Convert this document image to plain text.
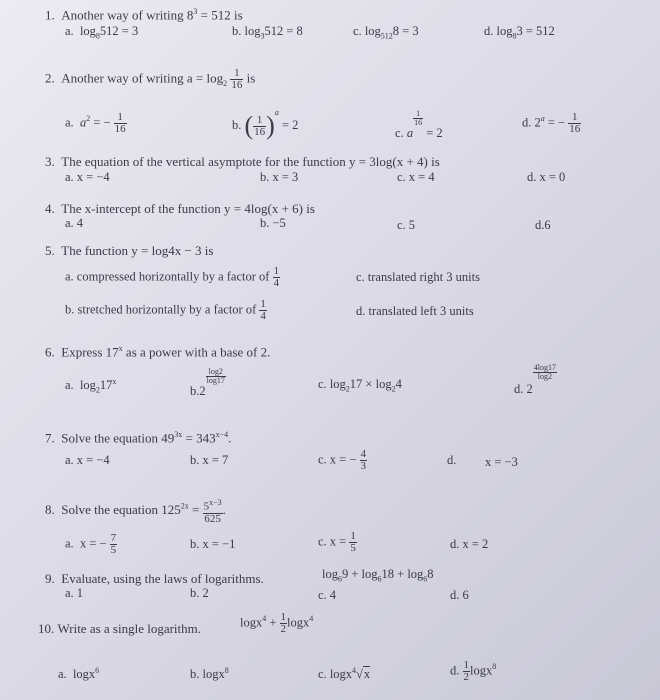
1. Another way of writing $8^3 = 512$ is
a. $\log_8512 = 3$	b. $\log_3512 = 8$	c. $\log_{512}8 = 3$	d. $\log_83 = 512$
2. Another way of writing $a = \log_2 \frac{1}{16}$ is
a. $a^2$ = − $\frac{1}{16}$	b. ( $\frac{1}{16} )^a = 2$
c. a
$\frac{1}{16}$
= 2
d. $2^a$ = − $\frac{1}{16}$
3. The equation of the vertical asymptote for the function y = 3log(x + 4) is
a. x = −4	b. x = 3	c. x = 4	d. x = 0
4. The x-intercept of the function y = 4log(x + 6) is
a. 4	b. −5	c. 5	d.6
5. The function y = log4x − 3 is
a. compressed horizontally by a factor of $\frac{1}{4}$	c. translated right 3 units
b. stretched horizontally by a factor of $\frac{1}{4}$	d. translated left 3 units
6. Express 17$^x$ as a power with a base of 2.
a. $\log_217^x$
b.2
$\frac{\log 2}{\log 17}$	c. $\log_217 \times \log_24$	d. 2
$\frac{4\log 17}{\log 2}$
7. Solve the equation $49^{3x} = 343^{x-4}$.
a. x = −4	b. x = 7	c. x = − $\frac{4}{3}$	d. x = −3
8. Solve the equation $125^{2x} = \frac{5^{x-3}}{625}$ .
a. x = − $\frac{7}{5}$	b. x = −1	c. $x = \frac{1}{5}$	d. x = 2
9. Evaluate, using the laws of logarithms.	$\log_69 + \log_618 + \log_68$
a. 1	b. 2	c. 4	d. 6
10. Write as a single logarithm.	$\log x^4 + \frac{1}{2} \log x^4$
a. logx$^6$	b. logx$^8$	c. logx$^4$√x	d. $\frac{1}{2} \log x^8$
